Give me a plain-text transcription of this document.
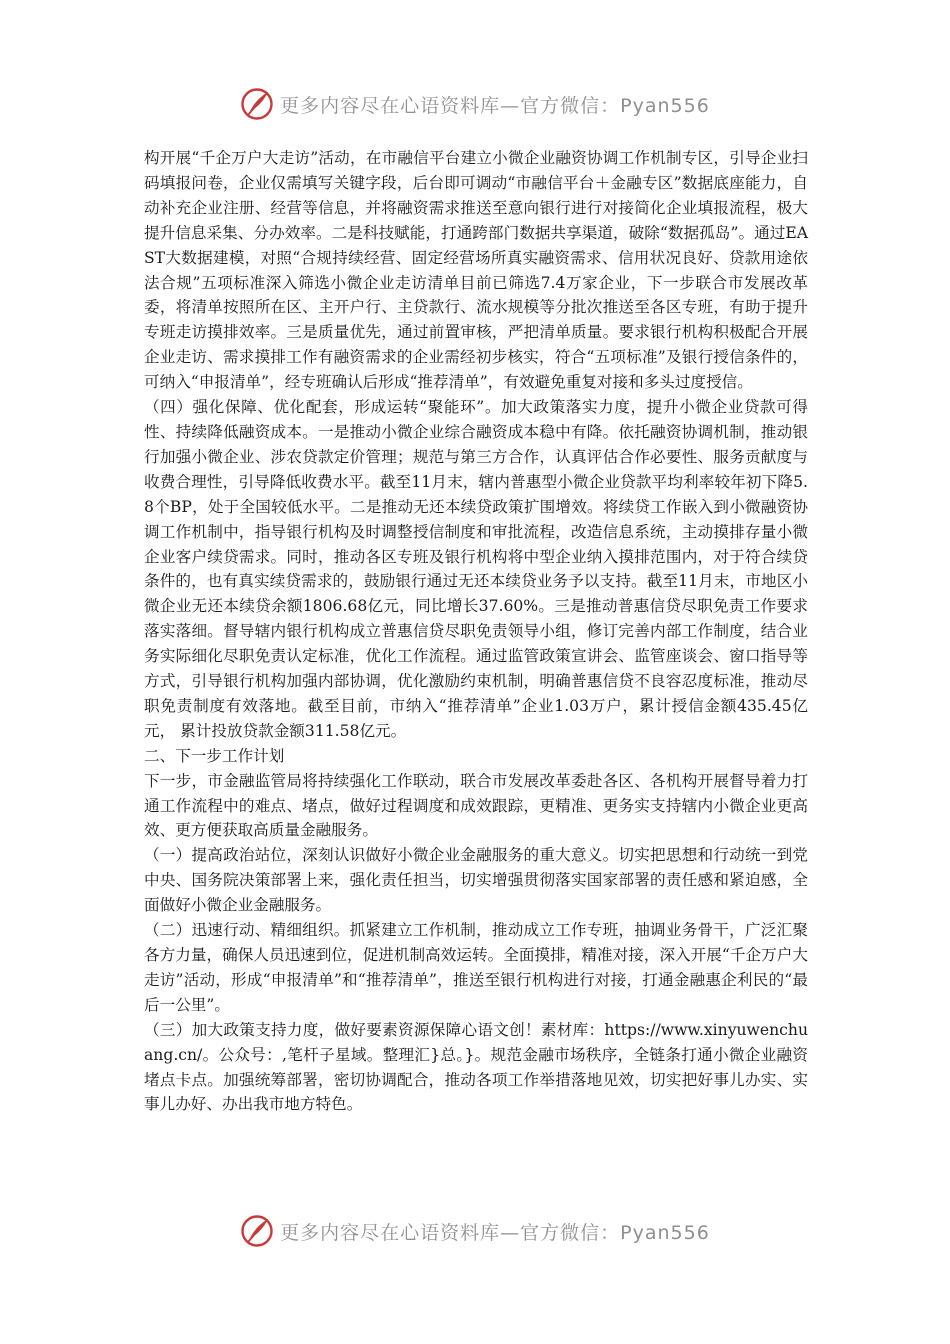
更多内容尽在心语资料库—官方微信：Pyan556

构开展“千企万户大走访”活动，在市融信平台建立小微企业融资协调工作机制专区，引导企业扫码填报问卷，企业仅需填写关键字段，后台即可调动“市融信平台＋金融专区”数据底座能力，自动补充企业注册、经营等信息，并将融资需求推送至意向银行进行对接简化企业填报流程，极大提升信息采集、分办效率。二是科技赋能，打通跨部门数据共享渠道，破除“数据孤岛”。通过EAST大数据建模，对照“合规持续经营、固定经营场所真实融资需求、信用状况良好、贷款用途依法合规”五项标准深入筛选小微企业走访清单目前已筛选7.4万家企业，下一步联合市发展改革委，将清单按照所在区、主开户行、主贷款行、流水规模等分批次推送至各区专班，有助于提升专班走访摸排效率。三是质量优先，通过前置审核，严把清单质量。要求银行机构积极配合开展企业走访、需求摸排工作有融资需求的企业需经初步核实，符合“五项标准”及银行授信条件的，可纳入“申报清单”，经专班确认后形成“推荐清单”，有效避免重复对接和多头过度授信。

（四）强化保障、优化配套，形成运转“聚能环”。加大政策落实力度，提升小微企业贷款可得性、持续降低融资成本。一是推动小微企业综合融资成本稳中有降。依托融资协调机制，推动银行加强小微企业、涉农贷款定价管理；规范与第三方合作，认真评估合作必要性、服务贡献度与收费合理性，引导降低收费水平。截至11月末，辖内普惠型小微企业贷款平均利率较年初下降5.8个BP，处于全国较低水平。二是推动无还本续贷政策扩围增效。将续贷工作嵌入到小微融资协调工作机制中，指导银行机构及时调整授信制度和审批流程，改造信息系统，主动摸排存量小微企业客户续贷需求。同时，推动各区专班及银行机构将中型企业纳入摸排范围内，对于符合续贷条件的，也有真实续贷需求的，鼓励银行通过无还本续贷业务予以支持。截至11月末，市地区小微企业无还本续贷余额1806.68亿元，同比增长37.60%。三是推动普惠信贷尽职免责工作要求落实落细。督导辖内银行机构成立普惠信贷尽职免责领导小组，修订完善内部工作制度，结合业务实际细化尽职免责认定标准，优化工作流程。通过监管政策宣讲会、监管座谈会、窗口指导等方式，引导银行机构加强内部协调，优化激励约束机制，明确普惠信贷不良容忍度标准，推动尽职免责制度有效落地。截至目前，市纳入“推荐清单”企业1.03万户，累计授信金额435.45亿元， 累计投放贷款金额311.58亿元。

二、下一步工作计划

下一步，市金融监管局将持续强化工作联动，联合市发展改革委赴各区、各机构开展督导着力打通工作流程中的难点、堵点，做好过程调度和成效跟踪，更精准、更务实支持辖内小微企业更高效、更方便获取高质量金融服务。

（一）提高政治站位，深刻认识做好小微企业金融服务的重大意义。切实把思想和行动统一到党中央、国务院决策部署上来，强化责任担当，切实增强贯彻落实国家部署的责任感和紧迫感，全面做好小微企业金融服务。

（二）迅速行动、精细组织。抓紧建立工作机制，推动成立工作专班，抽调业务骨干，广泛汇聚各方力量，确保人员迅速到位，促进机制高效运转。全面摸排，精准对接，深入开展“千企万户大走访”活动，形成“申报清单”和“推荐清单”，推送至银行机构进行对接，打通金融惠企利民的“最后一公里”。

（三）加大政策支持力度，做好要素资源保障心语文创！素材库：https://www.xinyuwenchuang.cn/。公众号：,笔杆子星域。整理汇}总。}。规范金融市场秩序，全链条打通小微企业融资堵点卡点。加强统筹部署，密切协调配合，推动各项工作举措落地见效，切实把好事儿办实、实事儿办好、办出我市地方特色。

更多内容尽在心语资料库—官方微信：Pyan556
